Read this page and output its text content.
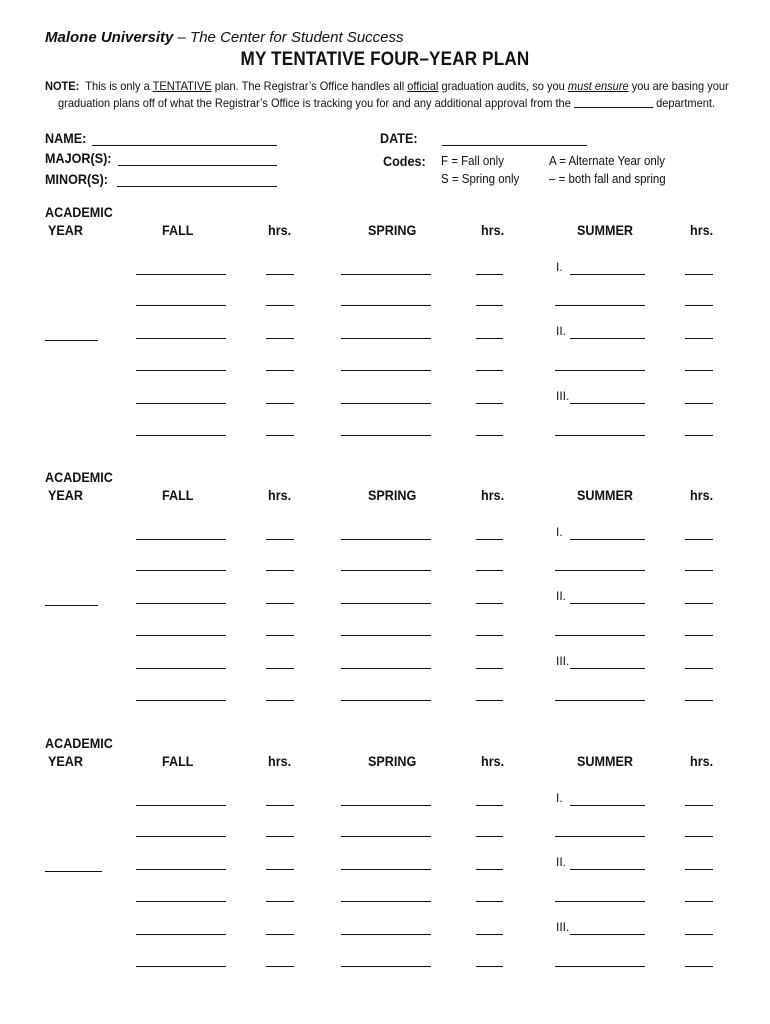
Malone University – The Center for Student Success
MY TENTATIVE FOUR–YEAR PLAN
NOTE: This is only a TENTATIVE plan. The Registrar’s Office handles all official graduation audits, so you must ensure you are basing your
graduation plans off of what the Registrar’s Office is tracking you for and any additional approval from the	department.
NAME:
MAJOR(S):
MINOR(S):
DATE:
Codes: F = Fall only
S = Spring only
A = Alternate Year only
– = both fall and spring
ACADEMIC
YEAR	FALL	hrs.	SPRING	hrs.	SUMMER	hrs.
I.
II.
III.
ACADEMIC
YEAR	FALL	hrs.	SPRING	hrs.	SUMMER	hrs.
I.
II.
III.
ACADEMIC
YEAR	FALL	hrs.	SPRING	hrs.	SUMMER	hrs.
I.
II.
III.
